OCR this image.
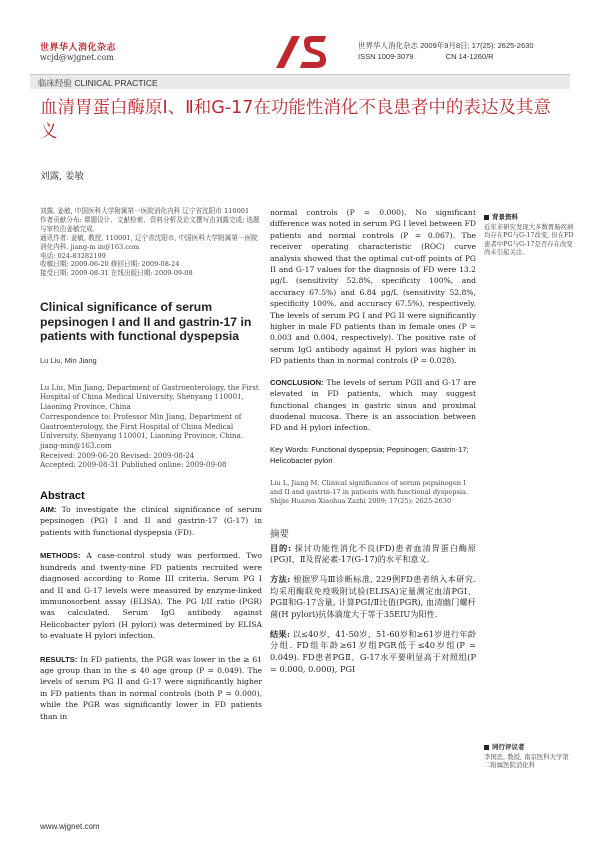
世界华人消化杂志
wcjd@wjgnet.com
世界华人消化杂志 2009年9月8日; 17(25): 2625-2630
ISSN 1009-3079	CN 14-1260/R
临床经验 CLINICAL PRACTICE
血清胃蛋白酶原Ⅰ、Ⅱ和G-17在功能性消化不良患者中的表达及其意义
刘露, 姜敏
刘露, 姜敏, 中国医科大学附属第一医院消化内科 辽宁省沈阳市 110001
作者贡献分布: 课题设计、文献检索、资料分析及论文撰写由刘露完成; 选题与审校由姜敏完成.
通讯作者: 姜敏, 教授, 110001, 辽宁省沈阳市, 中国医科大学附属第一医院消化内科. jiang-m in@163.com
电话: 024-83282199
收稿日期: 2009-06-20 修回日期: 2009-08-24
接受日期: 2009-08-31 在线出版日期: 2009-09-08
Clinical significance of serum pepsinogen I and II and gastrin-17 in patients with functional dyspepsia
Lu Liu, Min Jiang
Lu Liu, Min Jiang, Department of Gastroenterology, the First Hospital of China Medical University, Shenyang 110001, Liaoning Province, China
Correspondence to: Professor Min Jiang, Department of Gastroenterology, the First Hospital of China Medical University, Shenyang 110001, Liaoning Province, China. jiang-min@163.com
Received: 2009-06-20 Revised: 2009-08-24
Accepted: 2009-08-31 Published online: 2009-09-08
Abstract

AIM: To investigate the clinical significance of serum pepsinogen (PG) I and II and gastrin-17 (G-17) in patients with functional dyspepsia (FD).

METHODS: A case-control study was performed. Two hundreds and twenty-nine FD patients recruited were diagnosed according to Rome III criteria. Serum PG I and II and G-17 levels were measured by enzyme-linked immunosorbent assay (ELISA). The PG I/II ratio (PGR) was calculated. Serum IgG antibody against Helicobacter pylori (H pylori) was determined by ELISA to evaluate H pylori infection.

RESULTS: In FD patients, the PGR was lower in the ≥ 61 age group than in the ≤ 40 age group (P = 0.049). The levels of serum PG II and G-17 were significantly higher in FD patients than in normal controls (both P = 0.000), while the PGR was significantly lower in FD patients than in

normal controls (P = 0.000). No significant difference was noted in serum PG I level between FD patients and normal controls (P = 0.067). The receiver operating characteristic (ROC) curve analysis showed that the optimal cut-off points of PG II and G-17 values for the diagnosis of FD were 13.2 μg/L (sensitivity 52.8%, specificity 100%, and accuracy 67.5%) and 6.84 μg/L (sensitivity 52.8%, specificity 100%, and accuracy 67.5%), respectively. The levels of serum PG I and PG II were significantly higher in male FD patients than in female ones (P = 0.003 and 0.004, respectively). The positive rate of serum IgG antibody against H pylori was higher in FD patients than in normal controls (P = 0.028).

CONCLUSION: The levels of serum PGII and G-17 are elevated in FD patients, which may suggest functional changes in gastric sinus and proximal duodenal mucosa. There is an association between FD and H pylori infection.

Key Words: Functional dyspepsia; Pepsinogen; Gastrin-17; Helicobacter pylori

Liu L, Jiang M. Clinical significance of serum pepsinogen I and II and gastrin-17 in patients with functional dyspepsia. Shijie Huaren Xiaohua Zazhi 2009; 17(25): 2625-2630

摘要

目的: 探讨功能性消化不良(FD)患者血清胃蛋白酶原(PG)Ⅰ、Ⅱ及胃泌素-17(G-17)的水平和意义.

方法: 根据罗马Ⅲ诊断标准, 229例FD患者纳入本研究. 均采用酶联免疫吸附试验(ELISA)定量测定血清PGⅠ、PGⅡ和G-17含量, 计算PGⅠ/Ⅱ比值(PGR), 血清幽门螺杆菌(H pylori)抗体滴度大于等于35EIU为阳性.

结果: 以≤40岁、41-50岁、51-60岁和≥61岁进行年龄分组. FD组年龄≥61岁组PGR低于≤40岁组(P = 0.049). FD患者PGⅡ、G-17水平要明显高于对照组(P = 0.000, 0.000), PGⅠ

背景资料
近年来研究发现大多数胃肠疾病均存在PG与G-17改变, 但在FD患者中PG与G-17是否存在改变尚未引起关注.
同行评议者
李国忠, 教授, 南京医科大学第二附属医院消化科
www.wjgnet.com
